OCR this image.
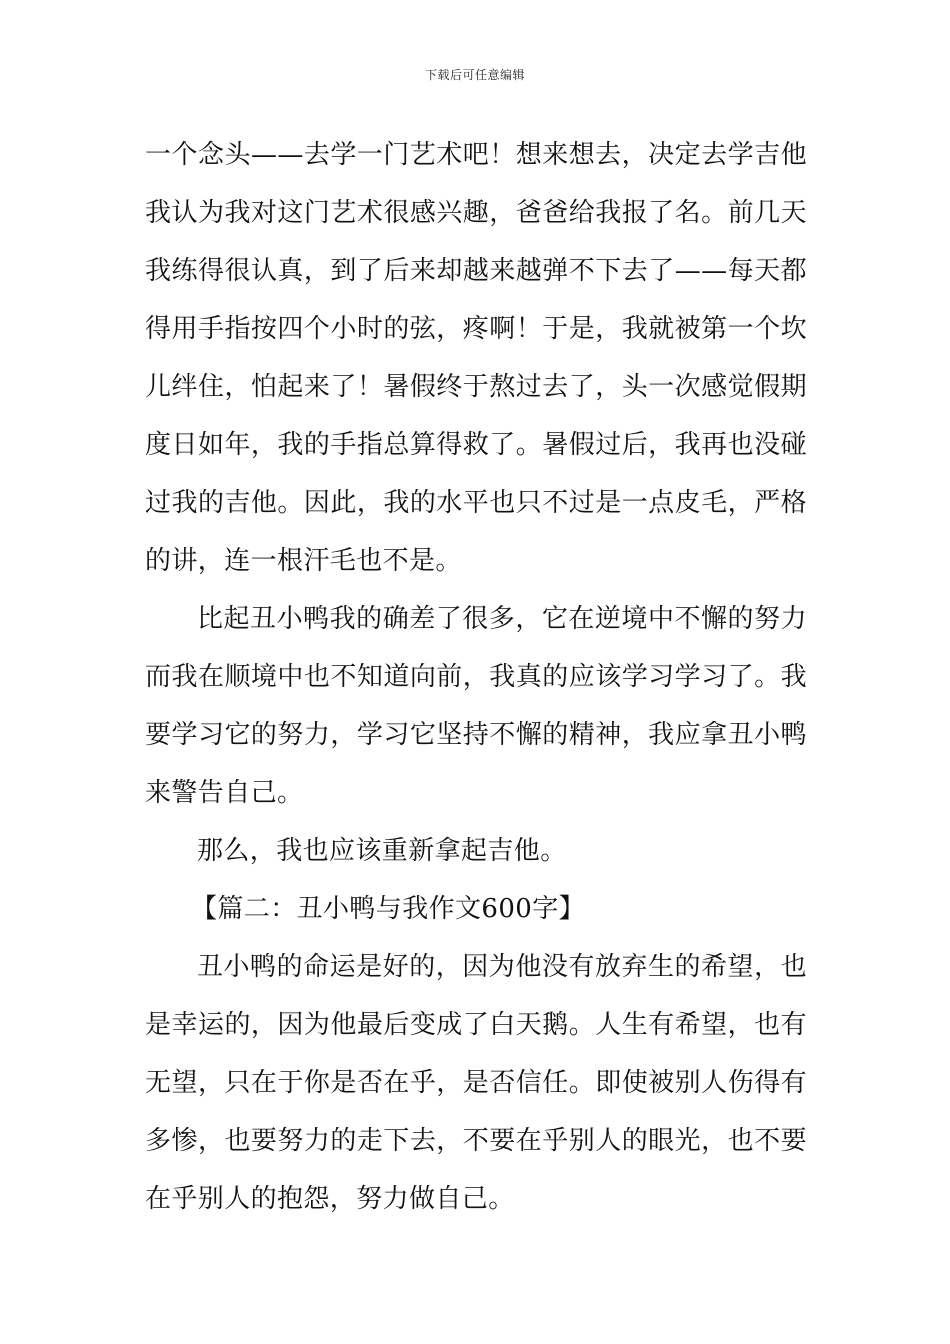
下载后可任意编辑
一个念头——去学一门艺术吧！想来想去，决定去学吉他
我认为我对这门艺术很感兴趣，爸爸给我报了名。前几天
我练得很认真，到了后来却越来越弹不下去了——每天都
得用手指按四个小时的弦，疼啊！于是，我就被第一个坎
儿绊住，怕起来了！暑假终于熬过去了，头一次感觉假期
度日如年，我的手指总算得救了。暑假过后，我再也没碰
过我的吉他。因此，我的水平也只不过是一点皮毛，严格
的讲，连一根汗毛也不是。
比起丑小鸭我的确差了很多，它在逆境中不懈的努力
而我在顺境中也不知道向前，我真的应该学习学习了。我
要学习它的努力，学习它坚持不懈的精神，我应拿丑小鸭
来警告自己。
那么，我也应该重新拿起吉他。
【篇二：丑小鸭与我作文600字】
丑小鸭的命运是好的，因为他没有放弃生的希望，也
是幸运的，因为他最后变成了白天鹅。人生有希望，也有
无望，只在于你是否在乎，是否信任。即使被别人伤得有
多惨，也要努力的走下去，不要在乎别人的眼光，也不要
在乎别人的抱怨，努力做自己。
